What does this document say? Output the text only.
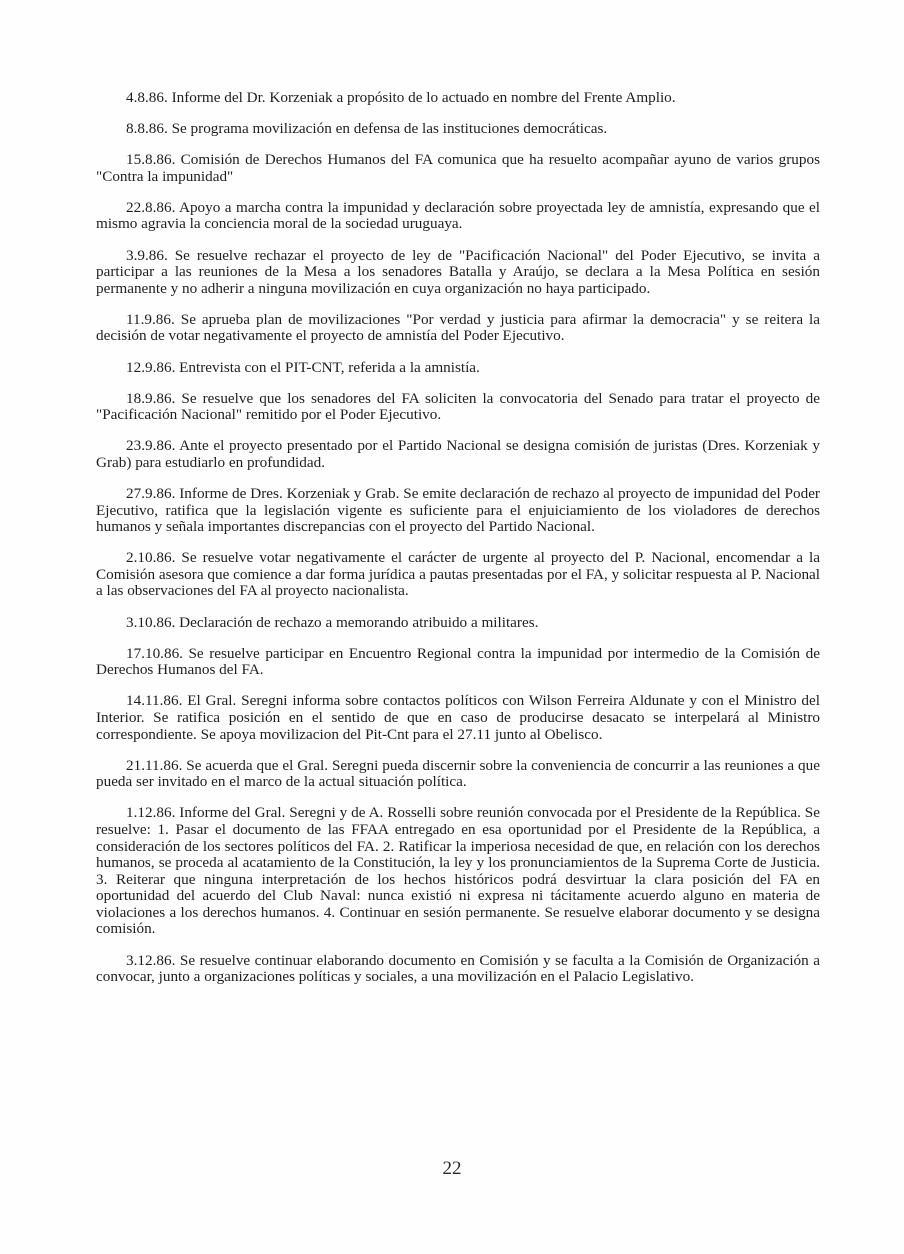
4.8.86. Informe del Dr. Korzeniak a propósito de lo actuado en nombre del Frente Amplio.

8.8.86. Se programa movilización en defensa de las instituciones democráticas.

15.8.86. Comisión de Derechos Humanos del FA comunica que ha resuelto acompañar ayuno de varios grupos "Contra la impunidad"

22.8.86. Apoyo a marcha contra la impunidad y declaración sobre proyectada ley de amnistía, expresando que el mismo agravia la conciencia moral de la sociedad uruguaya.

3.9.86. Se resuelve rechazar el proyecto de ley de "Pacificación Nacional" del Poder Ejecutivo, se invita a participar a las reuniones de la Mesa a los senadores Batalla y Araújo, se declara a la Mesa Política en sesión permanente y no adherir a ninguna movilización en cuya organización no haya participado.

11.9.86. Se aprueba plan de movilizaciones "Por verdad y justicia para afirmar la democracia" y se reitera la decisión de votar negativamente el proyecto de amnistía del Poder Ejecutivo.

12.9.86. Entrevista con el PIT-CNT, referida a la amnistía.

18.9.86. Se resuelve que los senadores del FA soliciten la convocatoria del Senado para tratar el proyecto de "Pacificación Nacional" remitido por el Poder Ejecutivo.

23.9.86. Ante el proyecto presentado por el Partido Nacional se designa comisión de juristas (Dres. Korzeniak y Grab) para estudiarlo en profundidad.

27.9.86. Informe de Dres. Korzeniak y Grab. Se emite declaración de rechazo al proyecto de impunidad del Poder Ejecutivo, ratifica que la legislación vigente es suficiente para el enjuiciamiento de los violadores de derechos humanos y señala importantes discrepancias con el proyecto del Partido Nacional.

2.10.86. Se resuelve votar negativamente el carácter de urgente al proyecto del P. Nacional, encomendar a la Comisión asesora que comience a dar forma jurídica a pautas presentadas por el FA, y solicitar respuesta al P. Nacional a las observaciones del FA al proyecto nacionalista.

3.10.86. Declaración de rechazo a memorando atribuido a militares.

17.10.86. Se resuelve participar en Encuentro Regional contra la impunidad por intermedio de la Comisión de Derechos Humanos del FA.

14.11.86. El Gral. Seregni informa sobre contactos políticos con Wilson Ferreira Aldunate y con el Ministro del Interior. Se ratifica posición en el sentido de que en caso de producirse desacato se interpelará al Ministro correspondiente. Se apoya movilizacion del Pit-Cnt para el 27.11 junto al Obelisco.

21.11.86. Se acuerda que el Gral. Seregni pueda discernir sobre la conveniencia de concurrir a las reuniones a que pueda ser invitado en el marco de la actual situación política.

1.12.86. Informe del Gral. Seregni y de A. Rosselli sobre reunión convocada por el Presidente de la República. Se resuelve: 1. Pasar el documento de las FFAA entregado en esa oportunidad por el Presidente de la República, a consideración de los sectores políticos del FA. 2. Ratificar la imperiosa necesidad de que, en relación con los derechos humanos, se proceda al acatamiento de la Constitución, la ley y los pronunciamientos de la Suprema Corte de Justicia. 3. Reiterar que ninguna interpretación de los hechos históricos podrá desvirtuar la clara posición del FA en oportunidad del acuerdo del Club Naval: nunca existió ni expresa ni tácitamente acuerdo alguno en materia de violaciones a los derechos humanos. 4. Continuar en sesión permanente. Se resuelve elaborar documento y se designa comisión.

3.12.86. Se resuelve continuar elaborando documento en Comisión y se faculta a la Comisión de Organización a convocar, junto a organizaciones políticas y sociales, a una movilización en el Palacio Legislativo.

22
